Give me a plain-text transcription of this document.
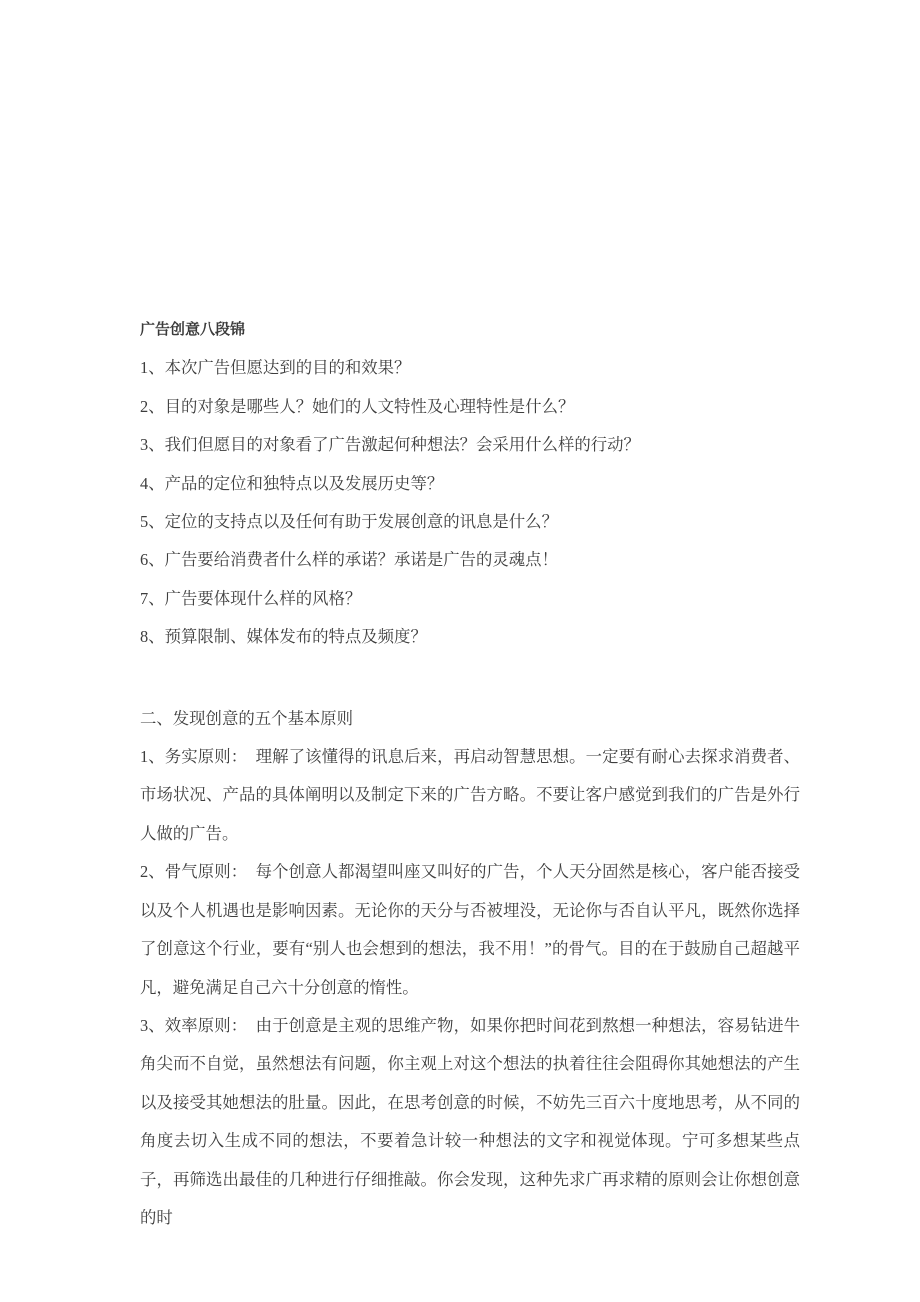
广告创意八段锦

1、本次广告但愿达到的目的和效果？

2、目的对象是哪些人？她们的人文特性及心理特性是什么？

3、我们但愿目的对象看了广告激起何种想法？会采用什么样的行动？

4、产品的定位和独特点以及发展历史等？

5、定位的支持点以及任何有助于发展创意的讯息是什么？

6、广告要给消费者什么样的承诺？承诺是广告的灵魂点！

7、广告要体现什么样的风格？

8、预算限制、媒体发布的特点及频度？

二、发现创意的五个基本原则

1、务实原则：　理解了该懂得的讯息后来，再启动智慧思想。一定要有耐心去探求消费者、市场状况、产品的具体阐明以及制定下来的广告方略。不要让客户感觉到我们的广告是外行人做的广告。

2、骨气原则：　每个创意人都渴望叫座又叫好的广告，个人天分固然是核心，客户能否接受以及个人机遇也是影响因素。无论你的天分与否被埋没，无论你与否自认平凡，既然你选择了创意这个行业，要有“别人也会想到的想法，我不用！”的骨气。目的在于鼓励自己超越平凡，避免满足自己六十分创意的惰性。

3、效率原则：　由于创意是主观的思维产物，如果你把时间花到熬想一种想法，容易钻进牛角尖而不自觉，虽然想法有问题，你主观上对这个想法的执着往往会阻碍你其她想法的产生以及接受其她想法的肚量。因此，在思考创意的时候，不妨先三百六十度地思考，从不同的角度去切入生成不同的想法，不要着急计较一种想法的文字和视觉体现。宁可多想某些点子，再筛选出最佳的几种进行仔细推敲。你会发现，这种先求广再求精的原则会让你想创意的时
